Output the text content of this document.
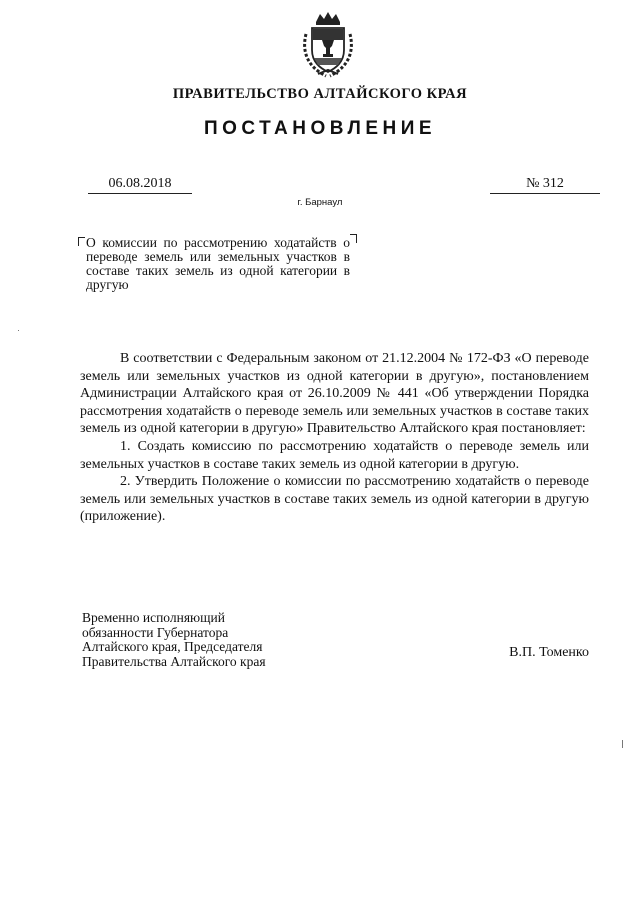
ПРАВИТЕЛЬСТВО АЛТАЙСКОГО КРАЯ
ПОСТАНОВЛЕНИЕ
06.08.2018	№ 312
г. Барнаул
О комиссии по рассмотрению ходатайств о переводе земель или земельных участков в составе таких земель из одной категории в другую

В соответствии с Федеральным законом от 21.12.2004 № 172-ФЗ «О переводе земель или земельных участков из одной категории в другую», постановлением Администрации Алтайского края от 26.10.2009 № 441 «Об утверждении Порядка рассмотрения ходатайств о переводе земель или земельных участков в составе таких земель из одной категории в другую» Правительство Алтайского края постановляет:

1. Создать комиссию по рассмотрению ходатайств о переводе земель или земельных участков в составе таких земель из одной категории в другую.

2. Утвердить Положение о комиссии по рассмотрению ходатайств о переводе земель или земельных участков в составе таких земель из одной категории в другую (приложение).

Временно исполняющий
обязанности Губернатора
Алтайского края, Председателя
Правительства Алтайского края
В.П. Томенко
